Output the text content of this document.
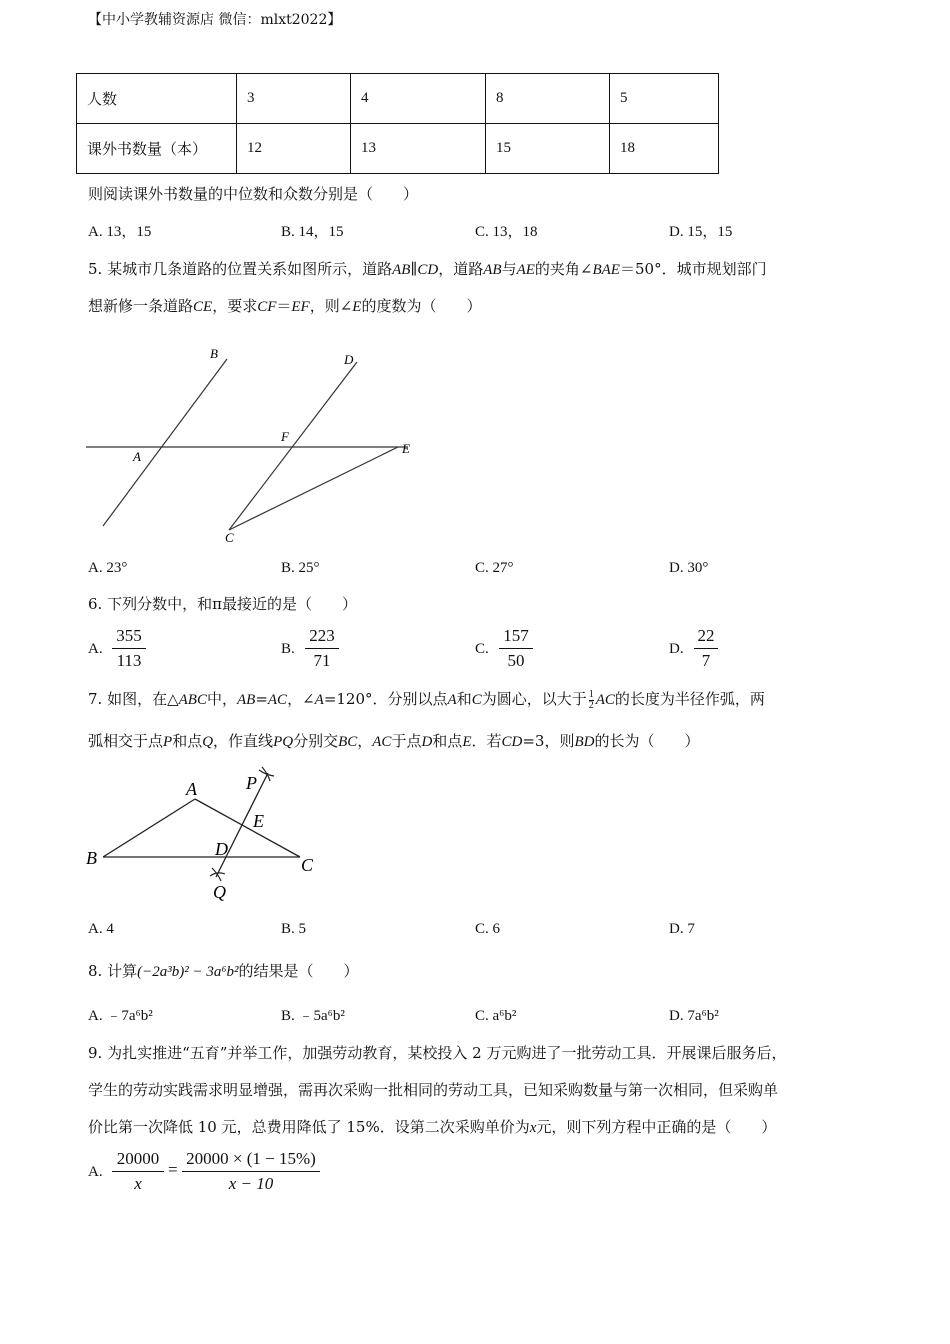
【中小学教辅资源店 微信：mlxt2022】
人数	3	4	8	5
课外书数量（本）	12	13	15	18
则阅读课外书数量的中位数和众数分别是（　　）
A. 13，15	B. 14，15	C. 13，18	D. 15，15
5. 某城市几条道路的位置关系如图所示，道路AB∥CD，道路AB与AE的夹角∠BAE＝50°．城市规划部门
想新修一条道路CE，要求CF＝EF，则∠E的度数为（　　）
B	D
A
F
E
C
A. 23°	B. 25°	C. 27°	D. 30°
6. 下列分数中，和π最接近的是（　　）
A.
355
113
B.
223
71
C.
157
50
D.
22
7
7. 如图，在△ABC中，AB=AC，∠A=120°．分别以点A和C为圆心，以大于 $\frac{1}{2}$ AC的长度为半径作弧，两
弧相交于点P和点Q，作直线PQ分别交BC，AC于点D和点E．若CD=3，则BD的长为（　　）
A	P
E
B	D
C
Q
A. 4	B. 5	C. 6	D. 7
8. 计算(−2a³b)² − 3a⁶b²的结果是（　　）
A. ﹣7a⁶b²	B. ﹣5a⁶b²	C. a⁶b²	D. 7a⁶b²
9. 为扎实推进“五育”并举工作，加强劳动教育，某校投入 2 万元购进了一批劳动工具．开展课后服务后，
学生的劳动实践需求明显增强，需再次采购一批相同的劳动工具，已知采购数量与第一次相同，但采购单
价比第一次降低 10 元，总费用降低了 15%．设第二次采购单价为x元，则下列方程中正确的是（　　）
A.
20000
x
=
20000 × (1 − 15%)
x − 10
